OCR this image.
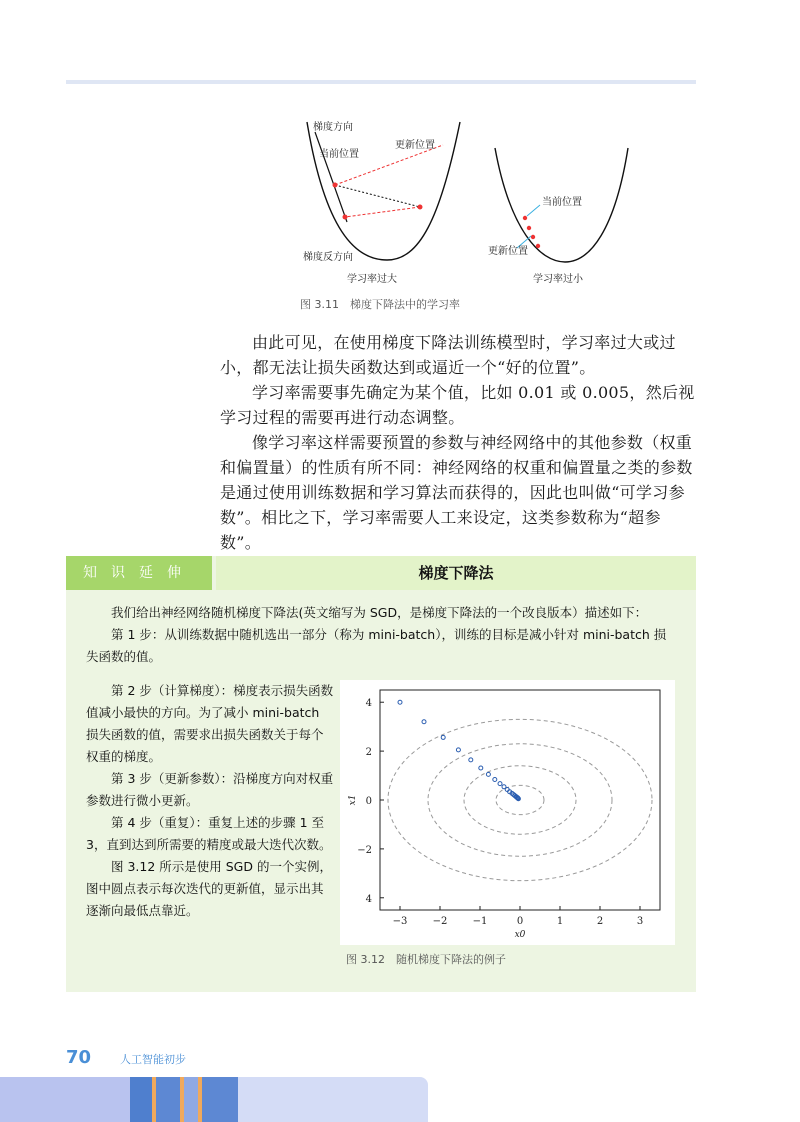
梯度方向
当前位置
更新位置
梯度反方向
学习率过大
当前位置
更新位置
学习率过小
图 3.11　梯度下降法中的学习率

由此可见，在使用梯度下降法训练模型时，学习率过大或过小，都无法让损失函数达到或逼近一个“好的位置”。

学习率需要事先确定为某个值，比如 0.01 或 0.005，然后视学习过程的需要再进行动态调整。

像学习率这样需要预置的参数与神经网络中的其他参数（权重和偏置量）的性质有所不同：神经网络的权重和偏置量之类的参数是通过使用训练数据和学习算法而获得的，因此也叫做“可学习参数”。相比之下，学习率需要人工来设定，这类参数称为“超参数”。

知识延伸	梯度下降法

我们给出神经网络随机梯度下降法(英文缩写为 SGD，是梯度下降法的一个改良版本）描述如下：

第 1 步：从训练数据中随机选出一部分（称为 mini-batch），训练的目标是减小针对 mini-batch 损失函数的值。

第 2 步（计算梯度）：梯度表示损失函数值减小最快的方向。为了减小 mini-batch 损失函数的值，需要求出损失函数关于每个权重的梯度。

第 3 步（更新参数）：沿梯度方向对权重参数进行微小更新。

第 4 步（重复）：重复上述的步骤 1 至 3，直到达到所需要的精度或最大迭代次数。

图 3.12 所示是使用 SGD 的一个实例，图中圆点表示每次迭代的更新值，显示出其逐渐向最低点靠近。

图 3.12　随机梯度下降法的例子
−3	−2	−1	0	1	2	3
4
2
0
−2
4
x0
x1
70	人工智能初步
